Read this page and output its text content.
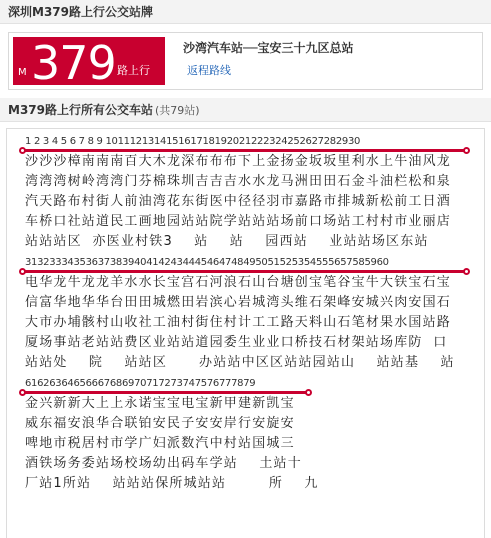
深圳M379路上行公交站牌
M 379 路上行
沙湾汽车站──宝安三十九区总站
返程路线
M379路上行所有公交车站 (共79站)
1 2 3 4 5 6 7 8 9 10111213141516171819202122232425262728293​0
沙沙沙樟南南南百大木龙深布布布下上金扬金坂坂里利水上牛油风龙
湾湾湾树岭湾湾门芬棉珠圳吉吉吉水水龙马洲田田石金斗油栏松和泉
汽天路布村街人前油湾花东街医中径径羽市嘉路市排城新松前工日酒
车桥口社站道民工画地园站站院学站站站场前口场站工村村市业丽店
站站站区  亦医业村铁3    站    站    园西站    业站站场区东站
3132333435363738394041424344454647484950515253545556575859​60
电华龙牛龙龙羊水水长宝宫石河浪石山台塘创宝笔谷宝牛大铁宝石宝
信富华地华华台田田城燃田岩滨心岩城湾头维石架峰安城兴肉安国石
大市办埔骸村山收社工油村街住村计工工路天料山石笔材果水国站路
厦场事站老站站费区业站站道园委生业业口桥技石材架站场库防  口
站站处    院    站站区      办站站中区区站站园站山    站站基    站
616263646566676869707172737475767778​79
金兴新新大上上永诺宝宝电宝新甲建新凯宝
威东福安浪华合联铂安民子安安岸行安旋安
啤地市税居村市学广妇派数汽中村站国城三
酒铁场务委站场校场幼出码车学站    土站十
厂站1所站    站站站保所城站站        所    九
